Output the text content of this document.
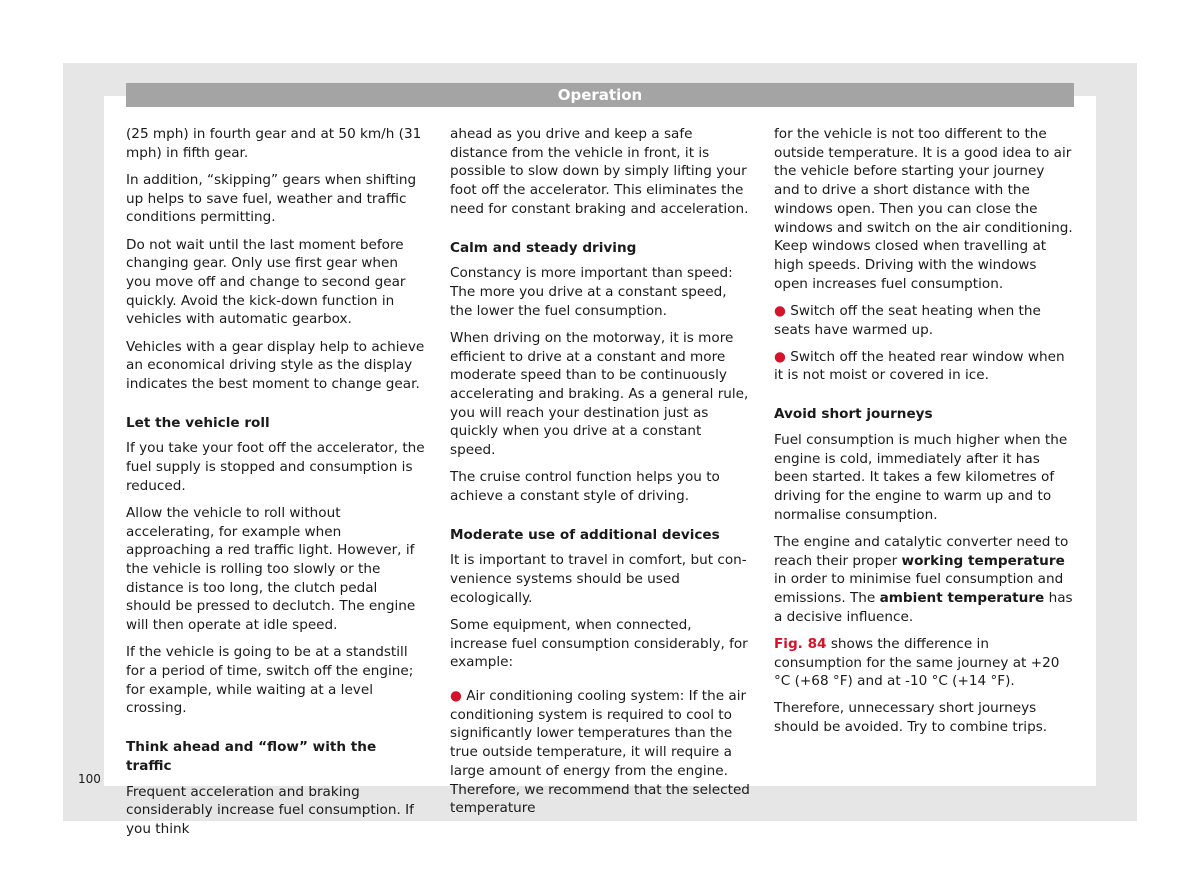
Operation

(25 mph) in fourth gear and at 50 km/h (31 mph) in fifth gear.

In addition, “skipping” gears when shifting up helps to save fuel, weather and traffic conditions permitting.

Do not wait until the last moment before changing gear. Only use first gear when you move off and change to second gear quickly. Avoid the kick-down function in vehicles with automatic gearbox.

Vehicles with a gear display help to achieve an economical driving style as the display indicates the best moment to change gear.

Let the vehicle roll

If you take your foot off the accelerator, the fuel supply is stopped and consumption is reduced.

Allow the vehicle to roll without accelerating, for example when approaching a red traffic light. However, if the vehicle is rolling too slowly or the distance is too long, the clutch pedal should be pressed to declutch. The engine will then operate at idle speed.

If the vehicle is going to be at a standstill for a period of time, switch off the engine; for example, while waiting at a level crossing.

Think ahead and “flow” with the traffic

Frequent acceleration and braking considerably increase fuel consumption. If you think

ahead as you drive and keep a safe distance from the vehicle in front, it is possible to slow down by simply lifting your foot off the accelerator. This eliminates the need for constant braking and acceleration.

Calm and steady driving

Constancy is more important than speed: The more you drive at a constant speed, the lower the fuel consumption.

When driving on the motorway, it is more efficient to drive at a constant and more moderate speed than to be continuously accelerating and braking. As a general rule, you will reach your destination just as quickly when you drive at a constant speed.

The cruise control function helps you to achieve a constant style of driving.

Moderate use of additional devices

It is important to travel in comfort, but convenience systems should be used ecologically.

Some equipment, when connected, increase fuel consumption considerably, for example:

● Air conditioning cooling system: If the air conditioning system is required to cool to significantly lower temperatures than the true outside temperature, it will require a large amount of energy from the engine. Therefore, we recommend that the selected temperature

for the vehicle is not too different to the outside temperature. It is a good idea to air the vehicle before starting your journey and to drive a short distance with the windows open. Then you can close the windows and switch on the air conditioning. Keep windows closed when travelling at high speeds. Driving with the windows open increases fuel consumption.

● Switch off the seat heating when the seats have warmed up.

● Switch off the heated rear window when it is not moist or covered in ice.

Avoid short journeys

Fuel consumption is much higher when the engine is cold, immediately after it has been started. It takes a few kilometres of driving for the engine to warm up and to normalise consumption.

The engine and catalytic converter need to reach their proper working temperature in order to minimise fuel consumption and emissions. The ambient temperature has a decisive influence.

Fig. 84 shows the difference in consumption for the same journey at +20 °C (+68 °F) and at -10 °C (+14 °F).

Therefore, unnecessary short journeys should be avoided. Try to combine trips.

100
